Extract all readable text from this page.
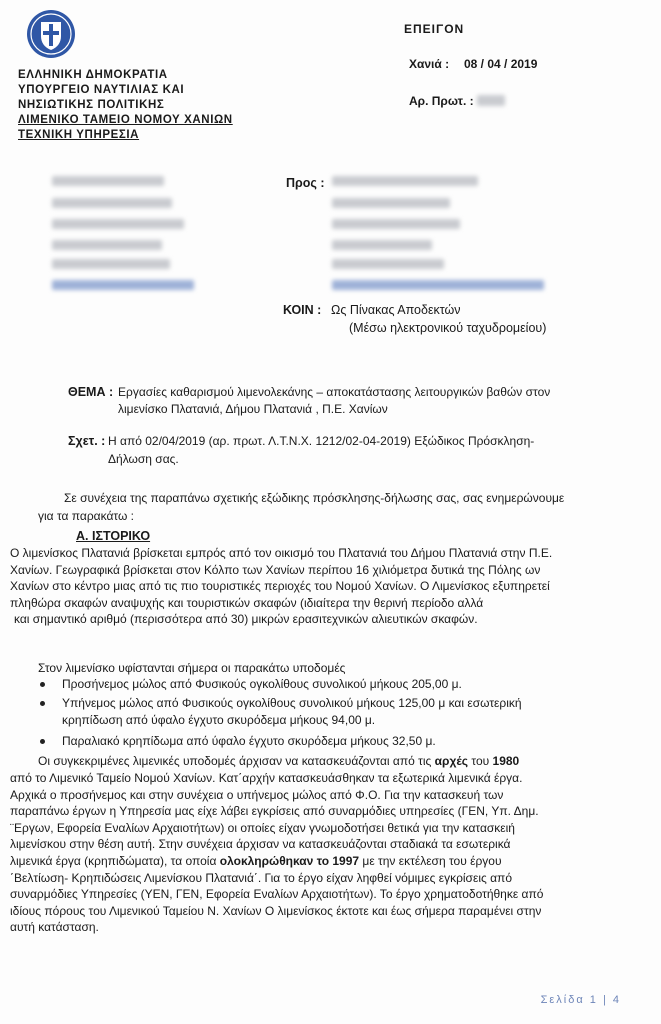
ΕΛΛΗΝΙΚΗ ΔΗΜΟΚΡΑΤΙΑ
ΥΠΟΥΡΓΕΙΟ ΝΑΥΤΙΛΙΑΣ ΚΑΙ
ΝΗΣΙΩΤΙΚΗΣ ΠΟΛΙΤΙΚΗΣ
ΛΙΜΕΝΙΚΟ ΤΑΜΕΙΟ ΝΟΜΟΥ ΧΑΝΙΩΝ
ΤΕΧΝΙΚΗ ΥΠΗΡΕΣΙΑ
ΕΠΕΙΓΟΝ
Χανιά : 08 / 04 / 2019
Αρ. Πρωτ. :
Προς :
ΚΟΙΝ : Ως Πίνακας Αποδεκτών
(Μέσω ηλεκτρονικού ταχυδρομείου)
ΘΕΜΑ : Εργασίες καθαρισμού λιμενολεκάνης – αποκατάστασης λειτουργικών βαθών στον
λιμενίσκο Πλατανιά, Δήμου Πλατανιά , Π.Ε. Χανίων
Σχετ. : Η από 02/04/2019 (αρ. πρωτ. Λ.Τ.Ν.Χ. 1212/02-04-2019) Εξώδικος Πρόσκληση-
Δήλωση σας.
Σε συνέχεια της παραπάνω σχετικής εξώδικης πρόσκλησης-δήλωσης σας, σας ενημερώνουμε
για τα παρακάτω :
Α. ΙΣΤΟΡΙΚΟ
Ο λιμενίσκος Πλατανιά βρίσκεται εμπρός από τον οικισμό του Πλατανιά του Δήμου Πλατανιά στην Π.Ε.
Χανίων. Γεωγραφικά βρίσκεται στον Κόλπο των Χανίων περίπου 16 χιλιόμετρα δυτικά της Πόλης ων
Χανίων στο κέντρο μιας από τις πιο τουριστικές περιοχές του Νομού Χανίων. Ο Λιμενίσκος εξυπηρετεί
πληθώρα σκαφών αναψυχής και τουριστικών σκαφών (ιδιαίτερα την θερινή περίοδο αλλά
και σημαντικό αριθμό (περισσότερα από 30) μικρών ερασιτεχνικών αλιευτικών σκαφών.
Στον λιμενίσκο υφίστανται σήμερα οι παρακάτω υποδομές
Προσήνεμος μώλος από Φυσικούς ογκολίθους συνολικού μήκους 205,00 μ.
Υπήνεμος μώλος από Φυσικούς ογκολίθους συνολικού μήκους 125,00 μ και εσωτερική
κρηπίδωση από ύφαλο έγχυτο σκυρόδεμα μήκους 94,00 μ.
Παραλιακό κρηπίδωμα από ύφαλο έγχυτο σκυρόδεμα μήκους 32,50 μ.
Οι συγκεκριμένες λιμενικές υποδομές άρχισαν να κατασκευάζονται από τις αρχές του 1980
από το Λιμενικό Ταμείο Νομού Χανίων. Κατ΄αρχήν κατασκευάσθηκαν τα εξωτερικά λιμενικά έργα.
Αρχικά ο προσήνεμος και στην συνέχεια ο υπήνεμος μώλος από Φ.Ο. Για την κατασκευή των
παραπάνω έργων η Υπηρεσία μας είχε λάβει εγκρίσεις από συναρμόδιες υπηρεσίες (ΓΕΝ, Υπ. Δημ.
¨Εργων, Εφορεία Εναλίων Αρχαιοτήτων) οι οποίες είχαν γνωμοδοτήσει θετικά για την κατασκειή
λιμενίσκου στην θέση αυτή. Στην συνέχεια άρχισαν να κατασκευάζονται σταδιακά τα εσωτερικά
λιμενικά έργα (κρηπιδώματα), τα οποία ολοκληρώθηκαν το 1997 με την εκτέλεση του έργου
΄Βελτίωση- Κρηπιδώσεις Λιμενίσκου Πλατανιά΄. Για το έργο είχαν ληφθεί νόμιμες εγκρίσεις από
συναρμόδιες Υπηρεσίες (ΥΕΝ, ΓΕΝ, Εφορεία Εναλίων Αρχαιοτήτων). Το έργο χρηματοδοτήθηκε από
ιδίους πόρους του Λιμενικού Ταμείου Ν. Χανίων Ο λιμενίσκος έκτοτε και έως σήμερα παραμένει στην
αυτή κατάσταση.
Σελίδα 1 | 4
